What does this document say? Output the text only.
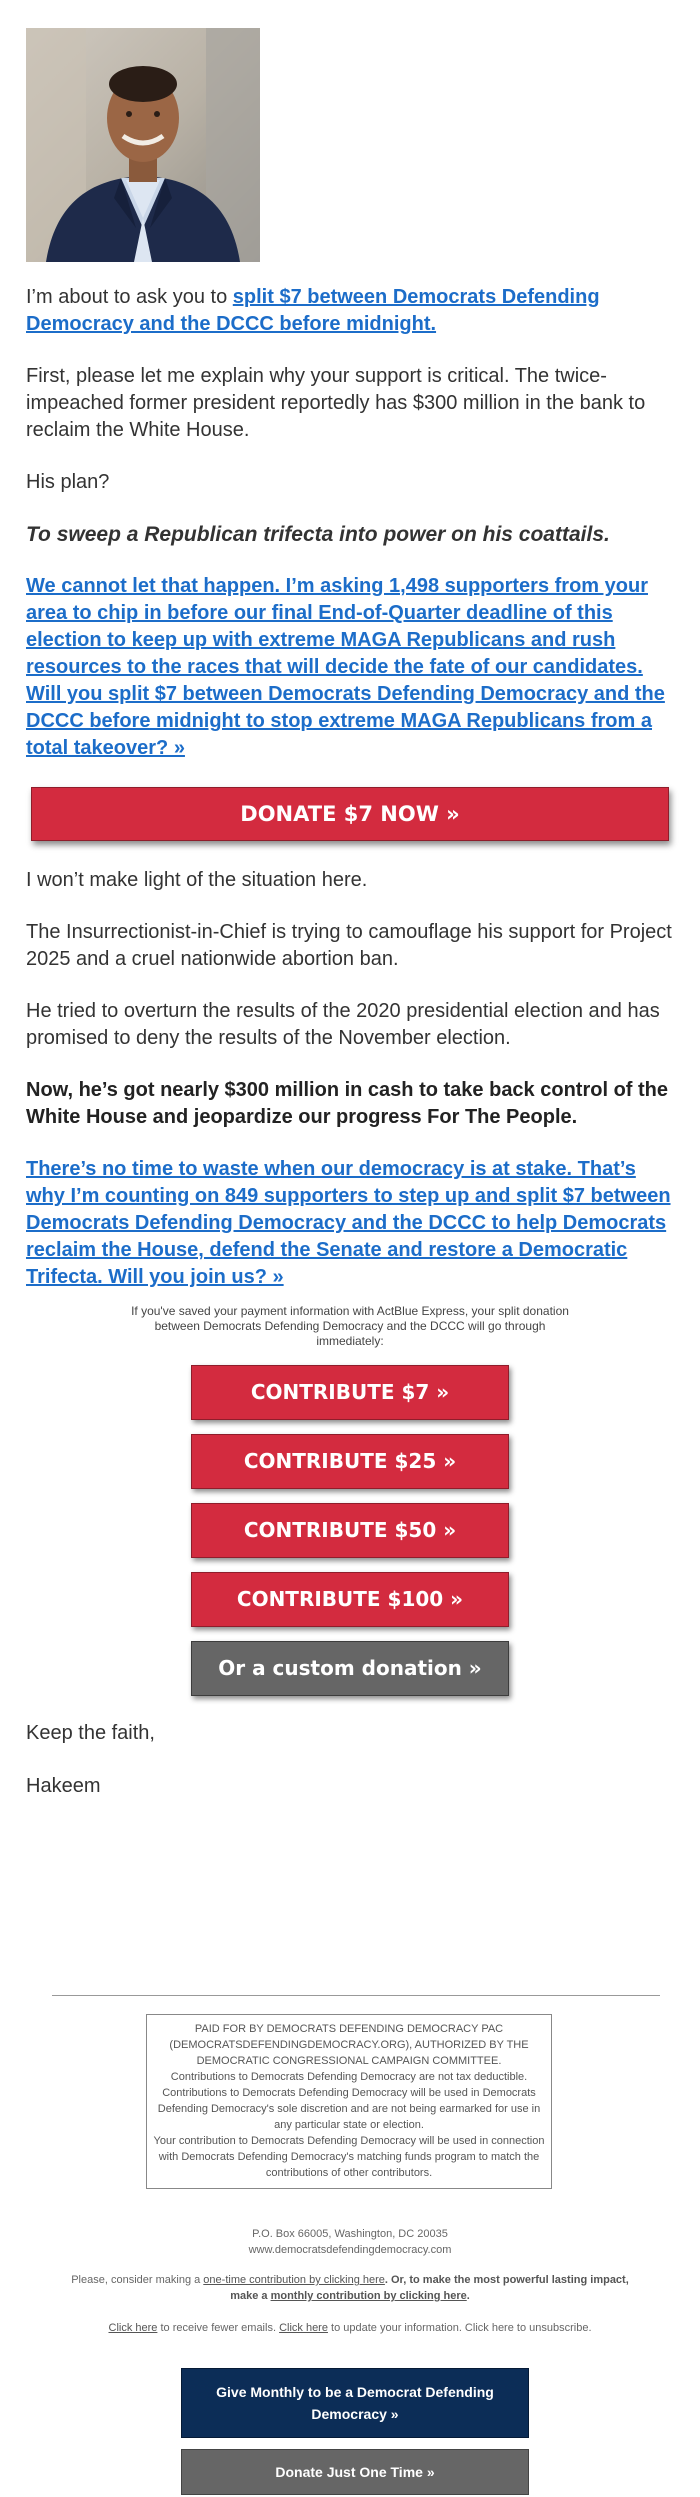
I’m about to ask you to split $7 between Democrats Defending Democracy and the DCCC before midnight.

First, please let me explain why your support is critical. The twice-impeached former president reportedly has $300 million in the bank to reclaim the White House.

His plan?

To sweep a Republican trifecta into power on his coattails.

We cannot let that happen. I’m asking 1,498 supporters from your area to chip in before our final End-of-Quarter deadline of this election to keep up with extreme MAGA Republicans and rush resources to the races that will decide the fate of our candidates. Will you split $7 between Democrats Defending Democracy and the DCCC before midnight to stop extreme MAGA Republicans from a total takeover? »

DONATE $7 NOW »

I won’t make light of the situation here.

The Insurrectionist-in-Chief is trying to camouflage his support for Project 2025 and a cruel nationwide abortion ban.

He tried to overturn the results of the 2020 presidential election and has promised to deny the results of the November election.

Now, he’s got nearly $300 million in cash to take back control of the White House and jeopardize our progress For The People.

There’s no time to waste when our democracy is at stake. That’s why I’m counting on 849 supporters to step up and split $7 between Democrats Defending Democracy and the DCCC to help Democrats reclaim the House, defend the Senate and restore a Democratic Trifecta. Will you join us? »

If you've saved your payment information with ActBlue Express, your split donation between Democrats Defending Democracy and the DCCC will go through immediately:
CONTRIBUTE $7 »
CONTRIBUTE $25 »
CONTRIBUTE $50 »
CONTRIBUTE $100 »
Or a custom donation »

Keep the faith,

Hakeem

PAID FOR BY DEMOCRATS DEFENDING DEMOCRACY PAC (DEMOCRATSDEFENDINGDEMOCRACY.ORG), AUTHORIZED BY THE DEMOCRATIC CONGRESSIONAL CAMPAIGN COMMITTEE.
Contributions to Democrats Defending Democracy are not tax deductible.
Contributions to Democrats Defending Democracy will be used in Democrats Defending Democracy's sole discretion and are not being earmarked for use in any particular state or election.
Your contribution to Democrats Defending Democracy will be used in connection with Democrats Defending Democracy's matching funds program to match the contributions of other contributors.
P.O. Box 66005, Washington, DC 20035
www.democratsdefendingdemocracy.com
Please, consider making a one-time contribution by clicking here. Or, to make the most powerful lasting impact, make a monthly contribution by clicking here.
Click here to receive fewer emails. Click here to update your information. Click here to unsubscribe.
Give Monthly to be a Democrat Defending Democracy »
Donate Just One Time »
